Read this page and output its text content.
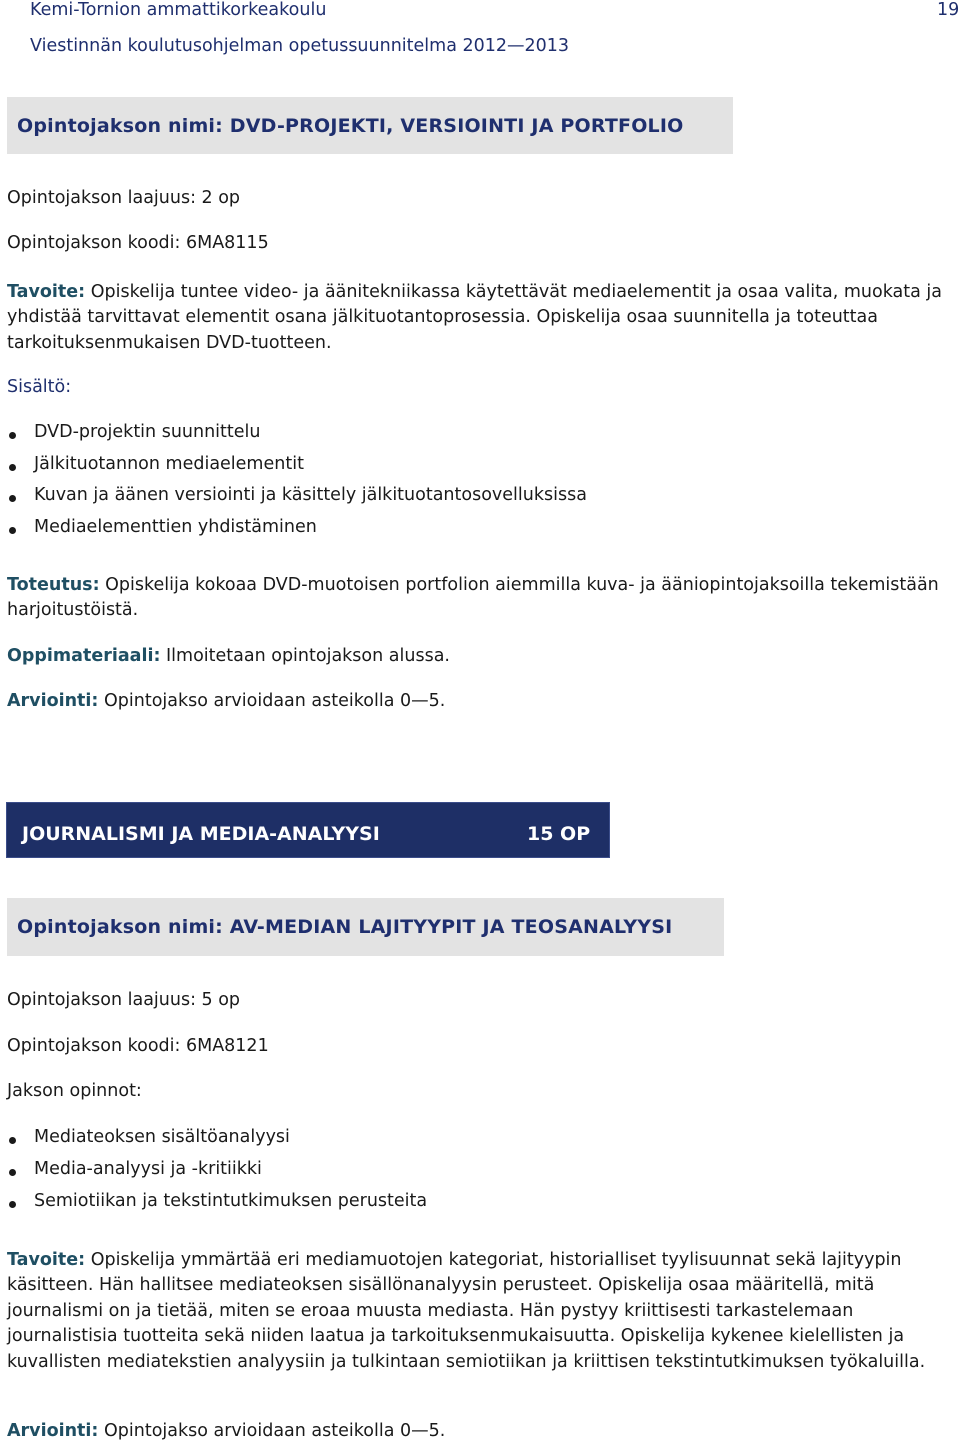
Kemi-Tornion ammattikorkeakoulu	19
Viestinnän koulutusohjelman opetussuunnitelma 2012—2013
Opintojakson nimi: DVD-PROJEKTI, VERSIOINTI JA PORTFOLIO
Opintojakson laajuus: 2 op
Opintojakson koodi: 6MA8115
Tavoite: Opiskelija tuntee video- ja äänitekniikassa käytettävät mediaelementit ja osaa valita, muokata ja yhdistää tarvittavat elementit osana jälkituotantoprosessia. Opiskelija osaa suunnitella ja toteuttaa tarkoituksenmukaisen DVD-tuotteen.
Sisältö:
DVD-projektin suunnittelu
Jälkituotannon mediaelementit
Kuvan ja äänen versiointi ja käsittely jälkituotantosovelluksissa
Mediaelementtien yhdistäminen
Toteutus: Opiskelija kokoaa DVD-muotoisen portfolion aiemmilla kuva- ja ääniopintojaksoilla tekemistään harjoitustöistä.
Oppimateriaali: Ilmoitetaan opintojakson alussa.
Arviointi: Opintojakso arvioidaan asteikolla 0—5.
JOURNALISMI JA MEDIA-ANALYYSI	15 OP
Opintojakson nimi: AV-MEDIAN LAJITYYPIT JA TEOSANALYYSI
Opintojakson laajuus: 5 op
Opintojakson koodi: 6MA8121
Jakson opinnot:
Mediateoksen sisältöanalyysi
Media-analyysi ja -kritiikki
Semiotiikan ja tekstintutkimuksen perusteita
Tavoite: Opiskelija ymmärtää eri mediamuotojen kategoriat, historialliset tyylisuunnat sekä lajityypin käsitteen. Hän hallitsee mediateoksen sisällönanalyysin perusteet. Opiskelija osaa määritellä, mitä journalismi on ja tietää, miten se eroaa muusta mediasta. Hän pystyy kriittisesti tarkastelemaan journalistisia tuotteita sekä niiden laatua ja tarkoituksenmukaisuutta. Opiskelija kykenee kielellisten ja kuvallisten mediatekstien analyysiin ja tulkintaan semiotiikan ja kriittisen tekstintutkimuksen työkaluilla.
Arviointi: Opintojakso arvioidaan asteikolla 0—5.
